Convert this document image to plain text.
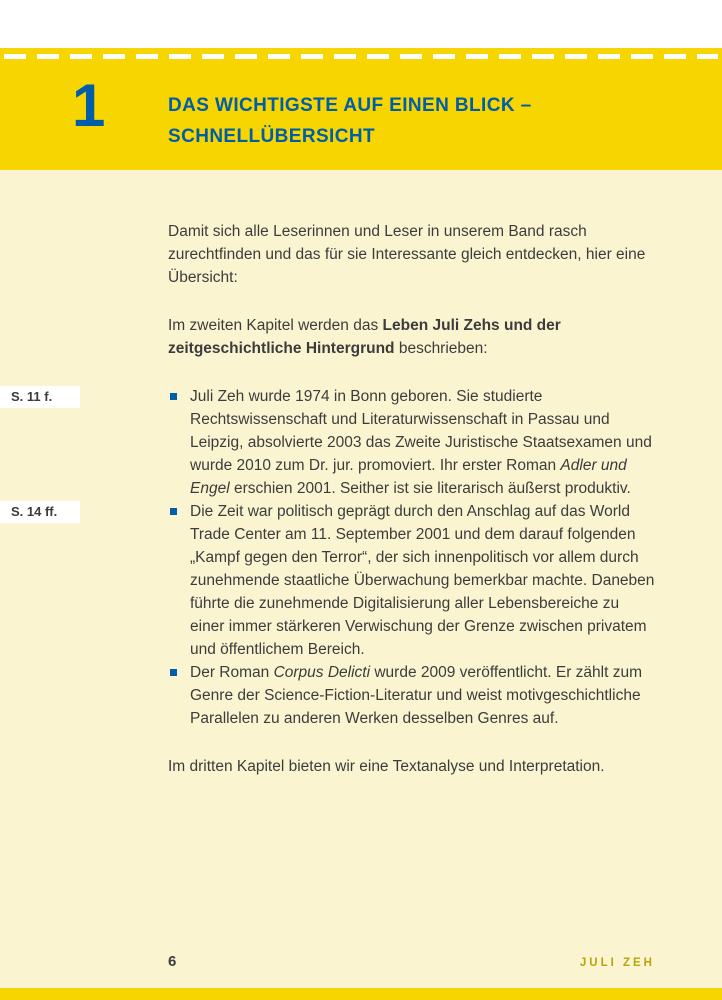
1	DAS WICHTIGSTE AUF EINEN BLICK –
SCHNELLÜBERSICHT

Damit sich alle Leserinnen und Leser in unserem Band rasch zurechtfinden und das für sie Interessante gleich entdecken, hier eine Übersicht:

Im zweiten Kapitel werden das Leben Juli Zehs und der zeitgeschichtliche Hintergrund beschrieben:

S. 11 f.	Juli Zeh wurde 1974 in Bonn geboren. Sie studierte Rechtswissenschaft und Literaturwissenschaft in Passau und Leipzig, absolvierte 2003 das Zweite Juristische Staatsexamen und wurde 2010 zum Dr. jur. promoviert. Ihr erster Roman Adler und Engel erschien 2001. Seither ist sie literarisch äußerst produktiv.
S. 14 ff.	Die Zeit war politisch geprägt durch den Anschlag auf das World Trade Center am 11. September 2001 und dem darauf folgenden „Kampf gegen den Terror“, der sich innenpolitisch vor allem durch zunehmende staatliche Überwachung bemerkbar machte. Daneben führte die zunehmende Digitalisierung aller Lebensbereiche zu einer immer stärkeren Verwischung der Grenze zwischen privatem und öffentlichem Bereich.
Der Roman Corpus Delicti wurde 2009 veröffentlicht. Er zählt zum Genre der Science-Fiction-Literatur und weist motivgeschichtliche Parallelen zu anderen Werken desselben Genres auf.

Im dritten Kapitel bieten wir eine Textanalyse und Interpretation.

6	JULI ZEH
